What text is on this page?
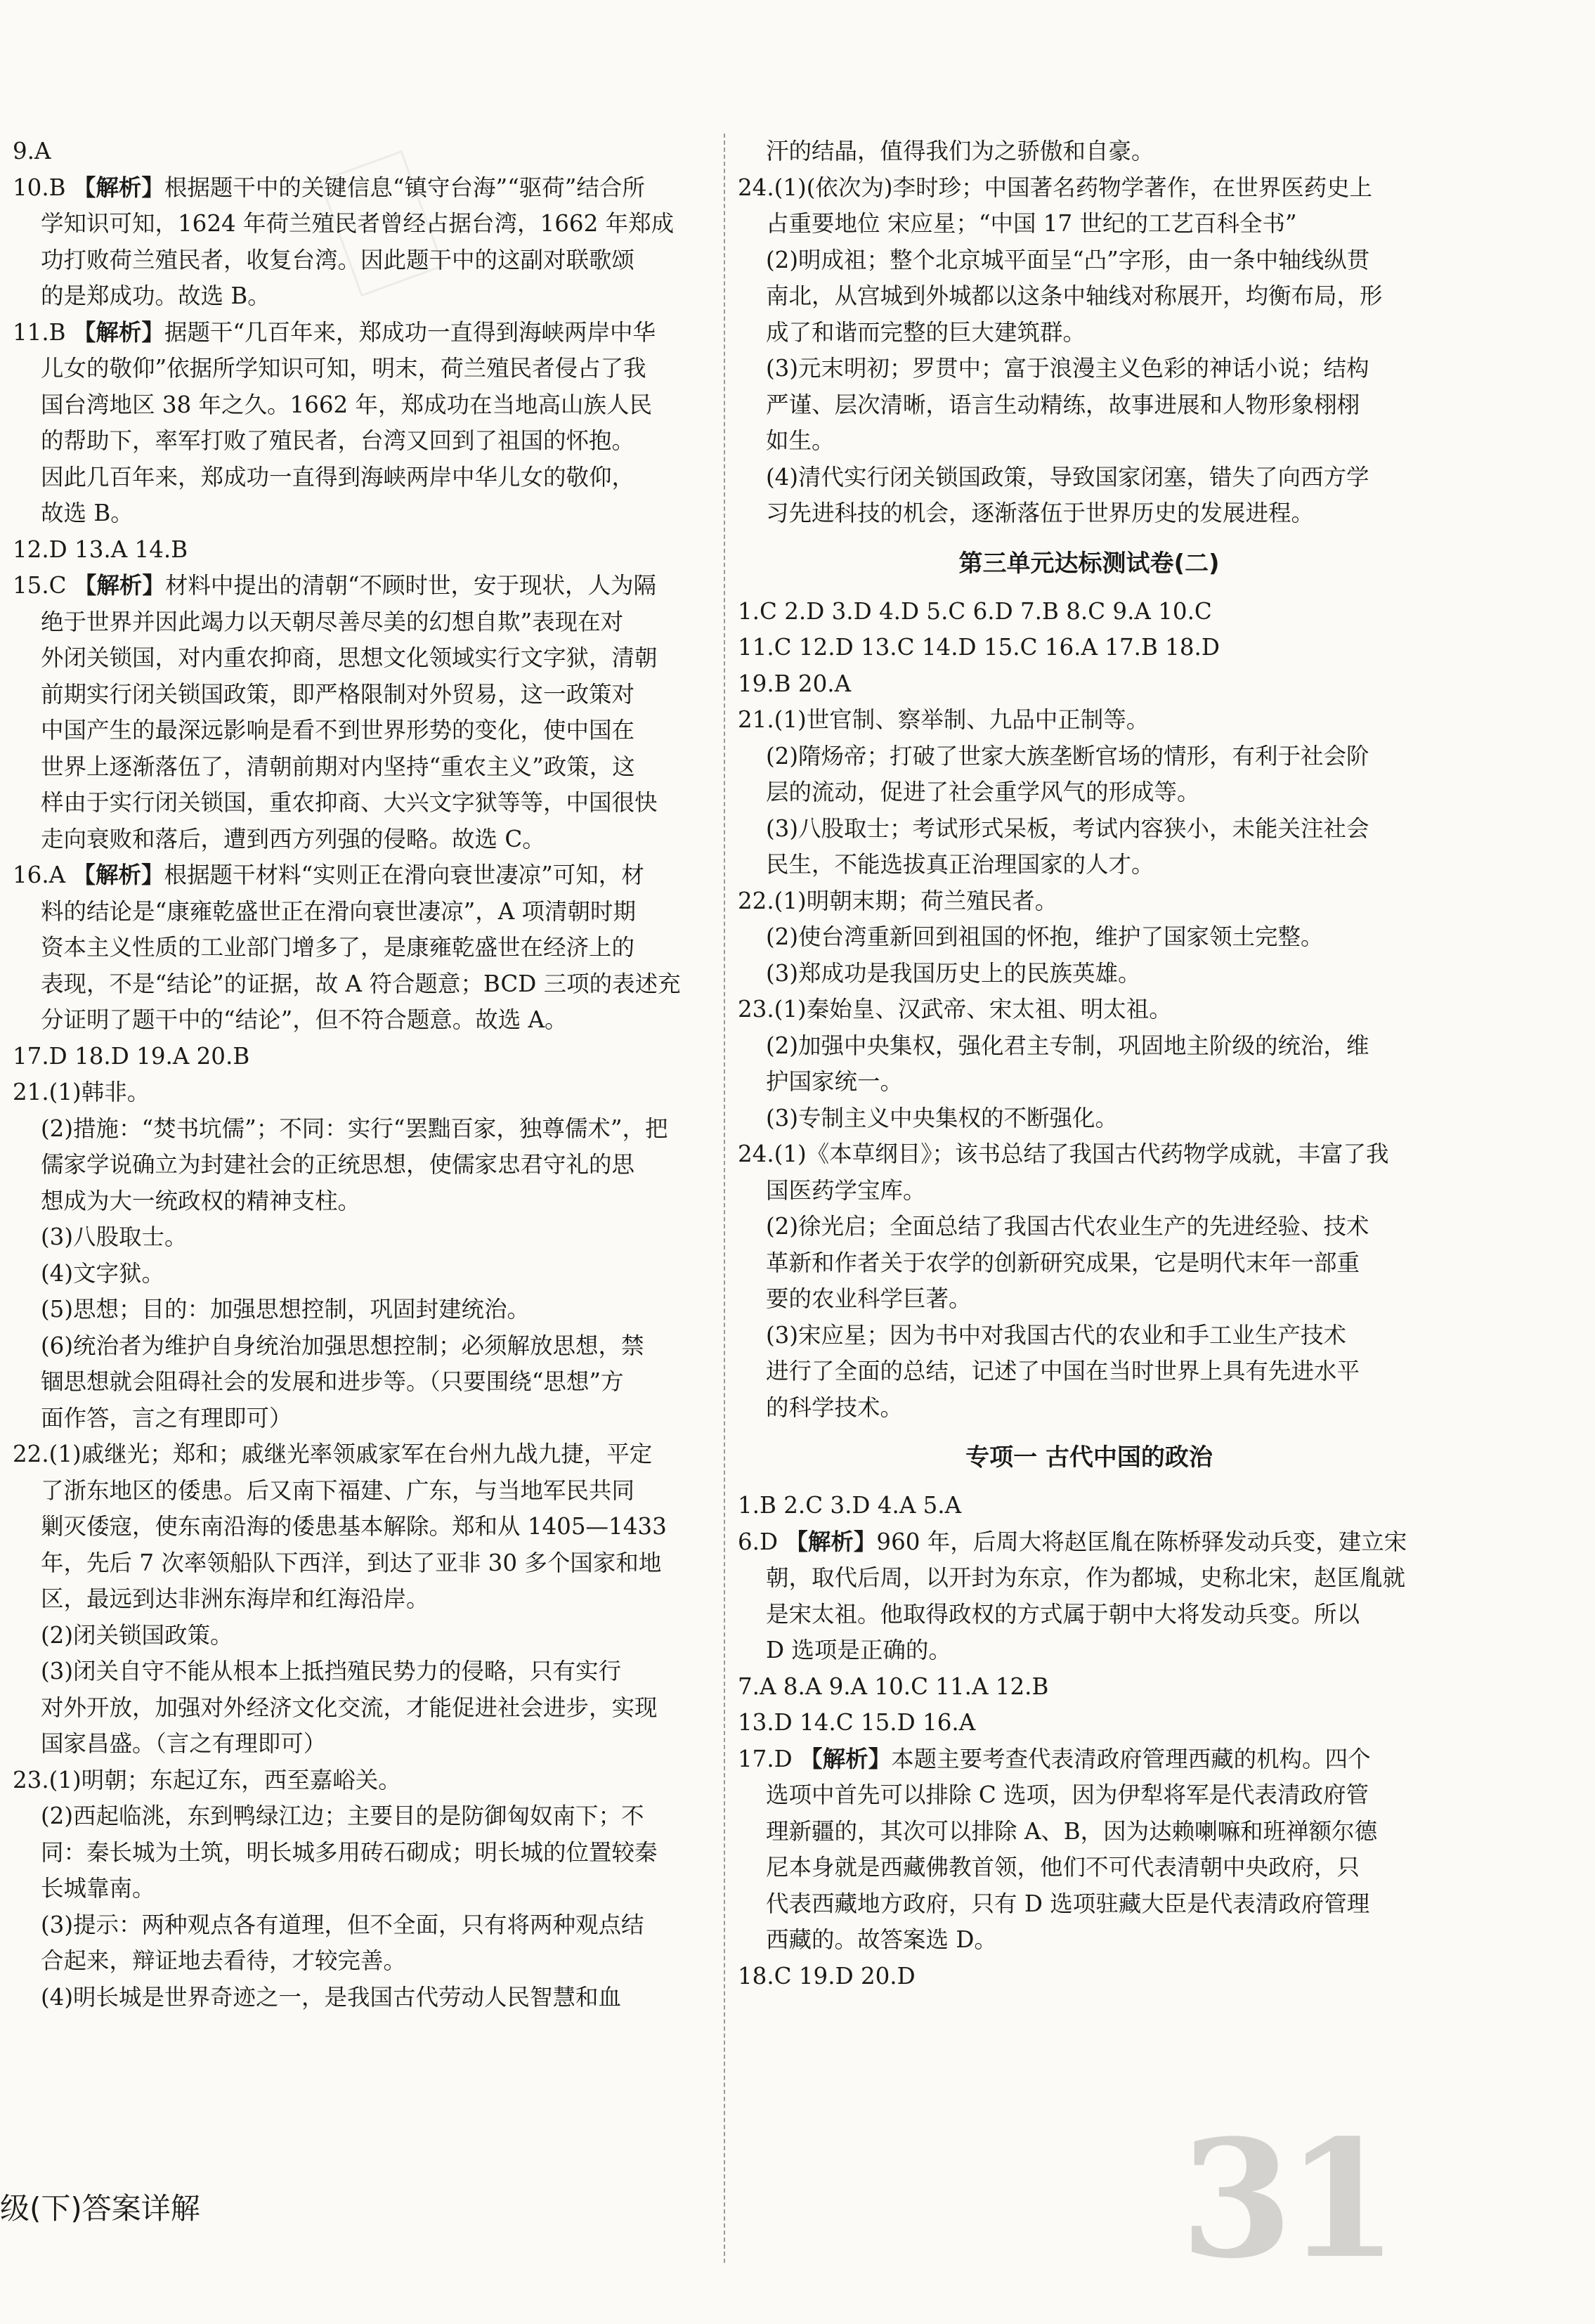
9.A
10.B 【解析】根据题干中的关键信息“镇守台海”“驱荷”结合所
学知识可知，1624 年荷兰殖民者曾经占据台湾，1662 年郑成
功打败荷兰殖民者，收复台湾。因此题干中的这副对联歌颂
的是郑成功。故选 B。
11.B 【解析】据题干“几百年来，郑成功一直得到海峡两岸中华
儿女的敬仰”依据所学知识可知，明末，荷兰殖民者侵占了我
国台湾地区 38 年之久。1662 年，郑成功在当地高山族人民
的帮助下，率军打败了殖民者，台湾又回到了祖国的怀抱。
因此几百年来，郑成功一直得到海峡两岸中华儿女的敬仰，
故选 B。
12.D 13.A 14.B
15.C 【解析】材料中提出的清朝“不顾时世，安于现状，人为隔
绝于世界并因此竭力以天朝尽善尽美的幻想自欺”表现在对
外闭关锁国，对内重农抑商，思想文化领域实行文字狱，清朝
前期实行闭关锁国政策，即严格限制对外贸易，这一政策对
中国产生的最深远影响是看不到世界形势的变化，使中国在
世界上逐渐落伍了，清朝前期对内坚持“重农主义”政策，这
样由于实行闭关锁国，重农抑商、大兴文字狱等等，中国很快
走向衰败和落后，遭到西方列强的侵略。故选 C。
16.A 【解析】根据题干材料“实则正在滑向衰世凄凉”可知，材
料的结论是“康雍乾盛世正在滑向衰世凄凉”，A 项清朝时期
资本主义性质的工业部门增多了，是康雍乾盛世在经济上的
表现，不是“结论”的证据，故 A 符合题意；BCD 三项的表述充
分证明了题干中的“结论”，但不符合题意。故选 A。
17.D 18.D 19.A 20.B
21.(1)韩非。
(2)措施：“焚书坑儒”；不同：实行“罢黜百家，独尊儒术”，把
儒家学说确立为封建社会的正统思想，使儒家忠君守礼的思
想成为大一统政权的精神支柱。
(3)八股取士。
(4)文字狱。
(5)思想；目的：加强思想控制，巩固封建统治。
(6)统治者为维护自身统治加强思想控制；必须解放思想，禁
锢思想就会阻碍社会的发展和进步等。（只要围绕“思想”方
面作答，言之有理即可）
22.(1)戚继光；郑和；戚继光率领戚家军在台州九战九捷，平定
了浙东地区的倭患。后又南下福建、广东，与当地军民共同
剿灭倭寇，使东南沿海的倭患基本解除。郑和从 1405—1433
年，先后 7 次率领船队下西洋，到达了亚非 30 多个国家和地
区，最远到达非洲东海岸和红海沿岸。
(2)闭关锁国政策。
(3)闭关自守不能从根本上抵挡殖民势力的侵略，只有实行
对外开放，加强对外经济文化交流，才能促进社会进步，实现
国家昌盛。（言之有理即可）
23.(1)明朝；东起辽东，西至嘉峪关。
(2)西起临洮，东到鸭绿江边；主要目的是防御匈奴南下；不
同：秦长城为土筑，明长城多用砖石砌成；明长城的位置较秦
长城靠南。
(3)提示：两种观点各有道理，但不全面，只有将两种观点结
合起来，辩证地去看待，才较完善。
(4)明长城是世界奇迹之一，是我国古代劳动人民智慧和血
汗的结晶，值得我们为之骄傲和自豪。
24.(1)(依次为)李时珍；中国著名药物学著作，在世界医药史上
占重要地位 宋应星；“中国 17 世纪的工艺百科全书”
(2)明成祖；整个北京城平面呈“凸”字形，由一条中轴线纵贯
南北，从宫城到外城都以这条中轴线对称展开，均衡布局，形
成了和谐而完整的巨大建筑群。
(3)元末明初；罗贯中；富于浪漫主义色彩的神话小说；结构
严谨、层次清晰，语言生动精练，故事进展和人物形象栩栩
如生。
(4)清代实行闭关锁国政策，导致国家闭塞，错失了向西方学
习先进科技的机会，逐渐落伍于世界历史的发展进程。
第三单元达标测试卷(二)
1.C 2.D 3.D 4.D 5.C 6.D 7.B 8.C 9.A 10.C
11.C 12.D 13.C 14.D 15.C 16.A 17.B 18.D
19.B 20.A
21.(1)世官制、察举制、九品中正制等。
(2)隋炀帝；打破了世家大族垄断官场的情形，有利于社会阶
层的流动，促进了社会重学风气的形成等。
(3)八股取士；考试形式呆板，考试内容狭小，未能关注社会
民生，不能选拔真正治理国家的人才。
22.(1)明朝末期；荷兰殖民者。
(2)使台湾重新回到祖国的怀抱，维护了国家领土完整。
(3)郑成功是我国历史上的民族英雄。
23.(1)秦始皇、汉武帝、宋太祖、明太祖。
(2)加强中央集权，强化君主专制，巩固地主阶级的统治，维
护国家统一。
(3)专制主义中央集权的不断强化。
24.(1)《本草纲目》；该书总结了我国古代药物学成就，丰富了我
国医药学宝库。
(2)徐光启；全面总结了我国古代农业生产的先进经验、技术
革新和作者关于农学的创新研究成果，它是明代末年一部重
要的农业科学巨著。
(3)宋应星；因为书中对我国古代的农业和手工业生产技术
进行了全面的总结，记述了中国在当时世界上具有先进水平
的科学技术。
专项一 古代中国的政治
1.B 2.C 3.D 4.A 5.A
6.D 【解析】960 年，后周大将赵匡胤在陈桥驿发动兵变，建立宋
朝，取代后周，以开封为东京，作为都城，史称北宋，赵匡胤就
是宋太祖。他取得政权的方式属于朝中大将发动兵变。所以
D 选项是正确的。
7.A 8.A 9.A 10.C 11.A 12.B
13.D 14.C 15.D 16.A
17.D 【解析】本题主要考查代表清政府管理西藏的机构。四个
选项中首先可以排除 C 选项，因为伊犁将军是代表清政府管
理新疆的，其次可以排除 A、B，因为达赖喇嘛和班禅额尔德
尼本身就是西藏佛教首领，他们不可代表清朝中央政府，只
代表西藏地方政府，只有 D 选项驻藏大臣是代表清政府管理
西藏的。故答案选 D。
18.C 19.D 20.D
级(下)答案详解	31
